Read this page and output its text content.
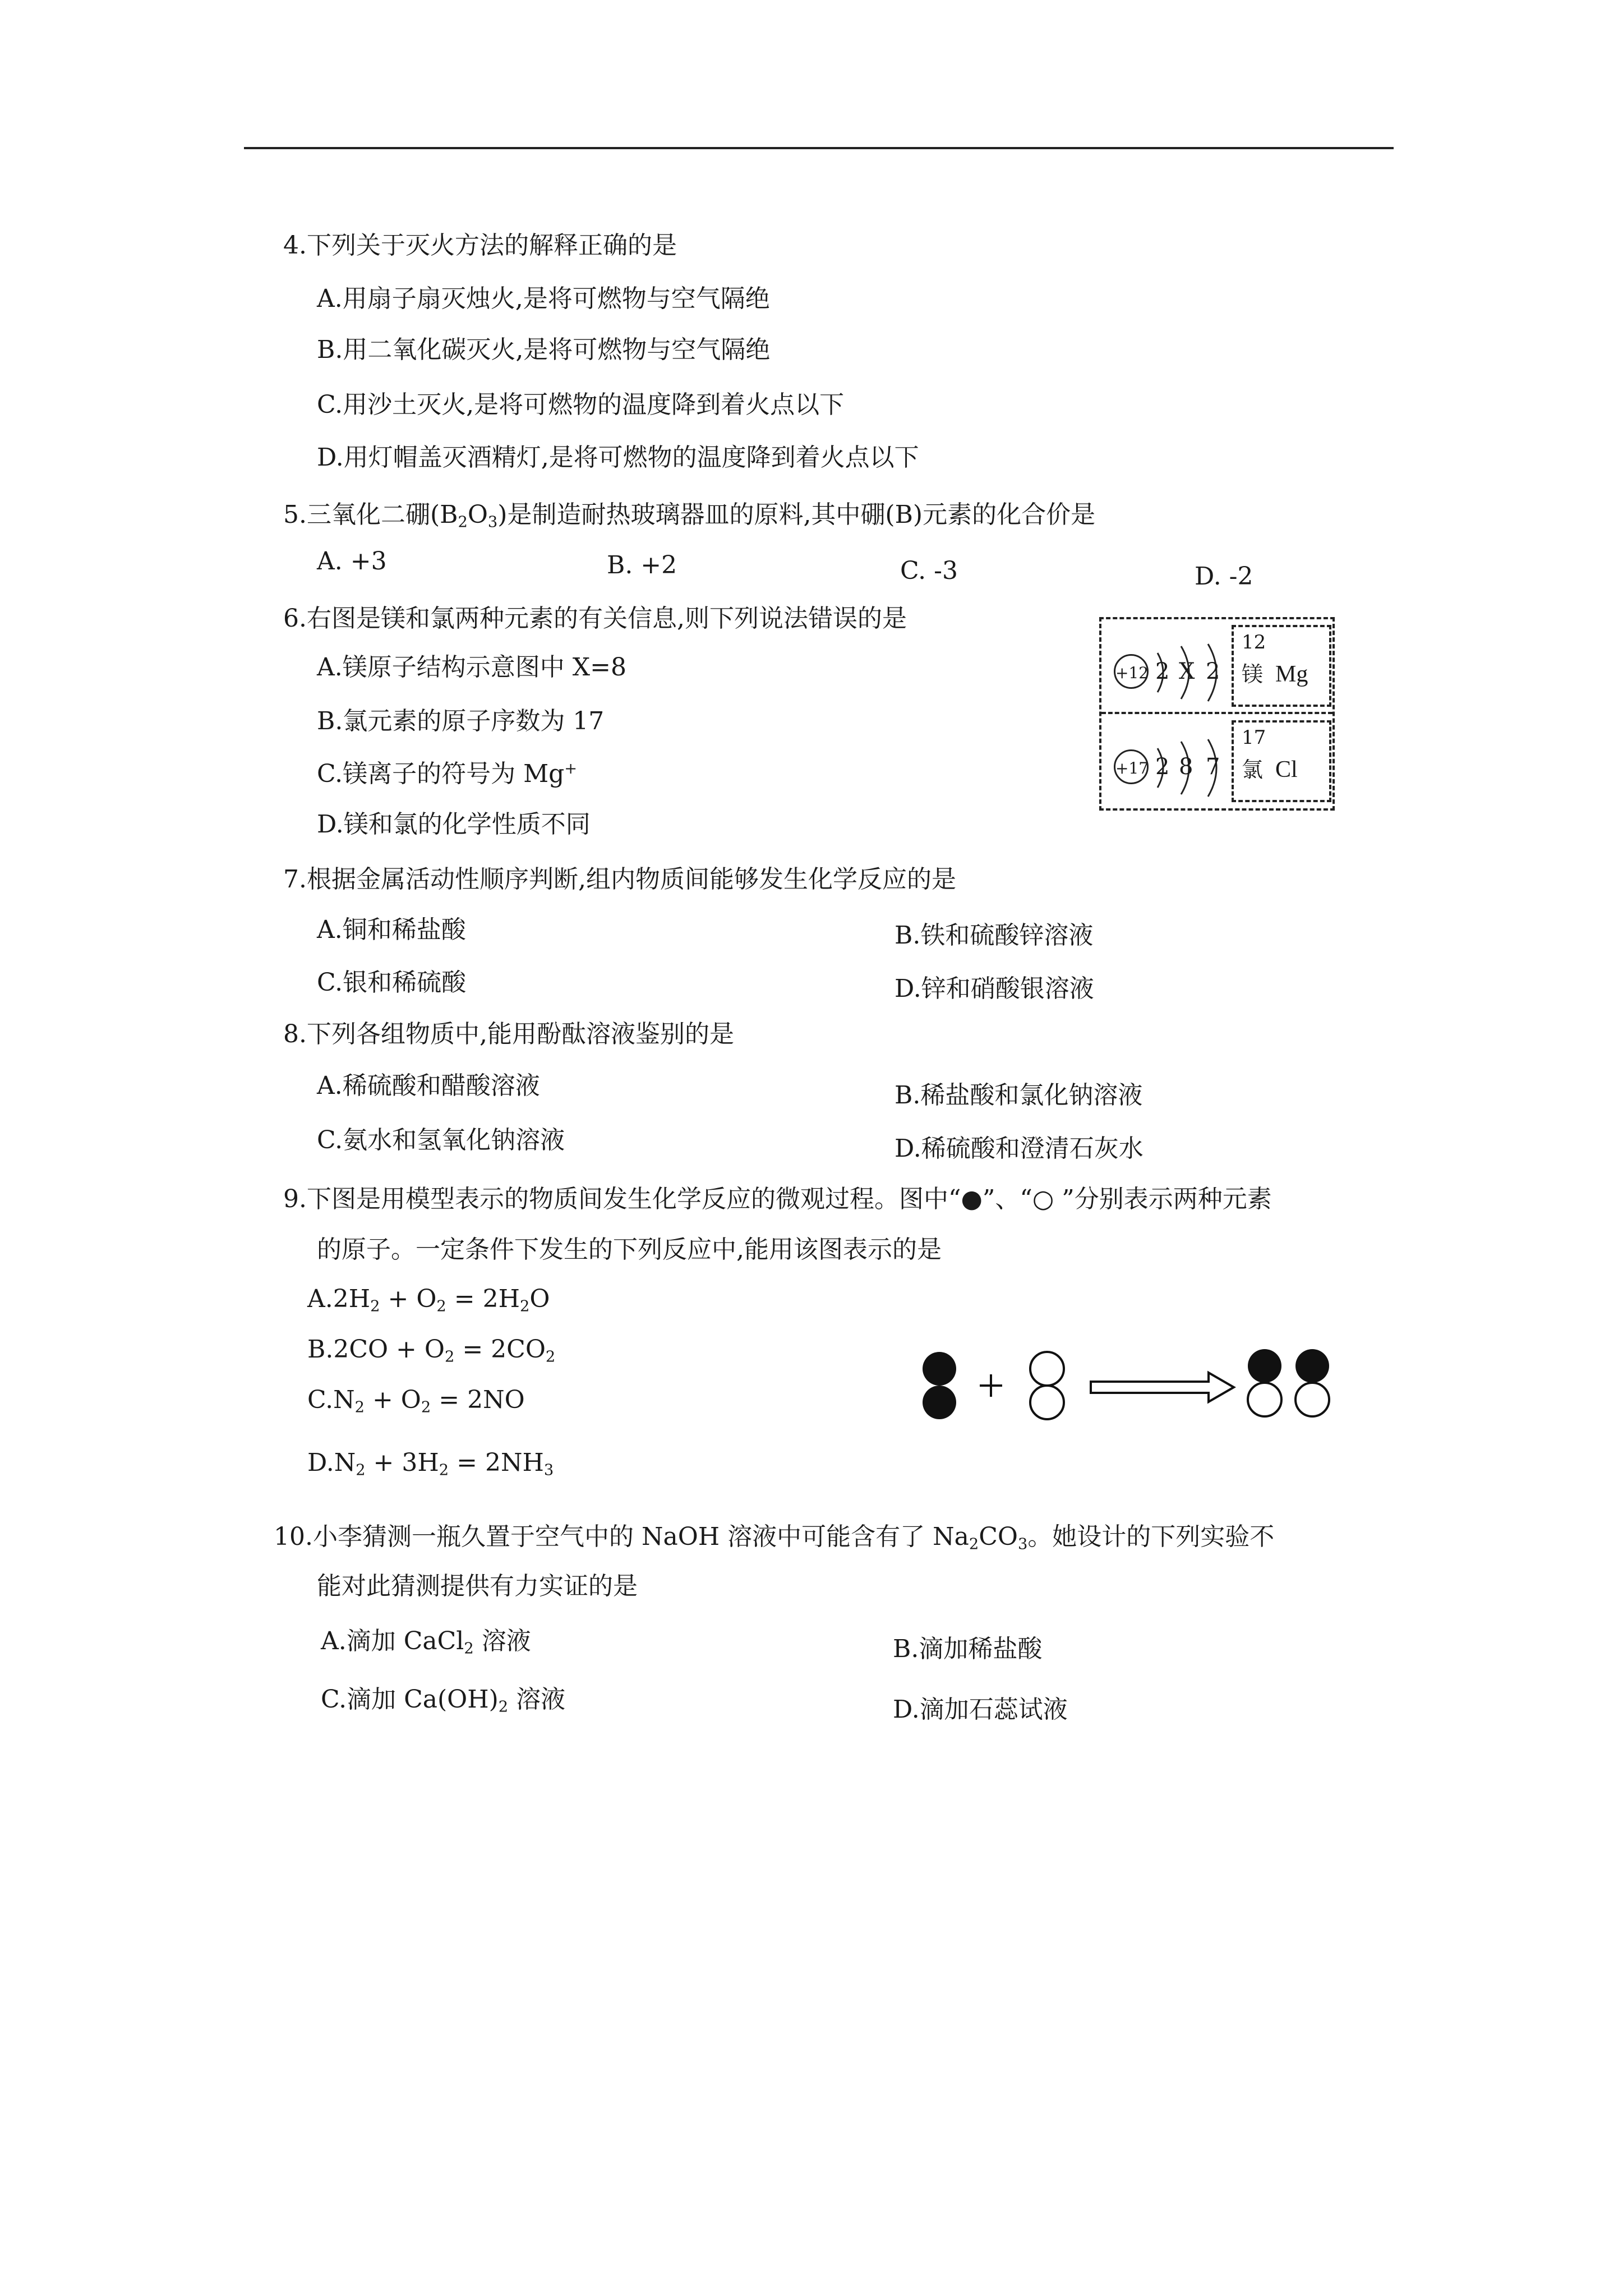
4.下列关于灭火方法的解释正确的是
A.用扇子扇灭烛火,是将可燃物与空气隔绝
B.用二氧化碳灭火,是将可燃物与空气隔绝
C.用沙土灭火,是将可燃物的温度降到着火点以下
D.用灯帽盖灭酒精灯,是将可燃物的温度降到着火点以下
5.三氧化二硼$(B_2O_3)$是制造耐热玻璃器皿的原料,其中硼(B)元素的化合价是
A. +3	B. +2	C. -3	D. -2
6.右图是镁和氯两种元素的有关信息,则下列说法错误的是
A.镁原子结构示意图中 X=8
B.氯元素的原子序数为 17
C.镁离子的符号为 Mg+
D.镁和氯的化学性质不同
+12 2 X 2
12
镁 Mg
+17 2 8 7
17
氯 Cl
7.根据金属活动性顺序判断,组内物质间能够发生化学反应的是
A.铜和稀盐酸	B.铁和硫酸锌溶液
C.银和稀硫酸	D.锌和硝酸银溶液
8.下列各组物质中,能用酚酞溶液鉴别的是
A.稀硫酸和醋酸溶液	B.稀盐酸和氯化钠溶液
C.氨水和氢氧化钠溶液	D.稀硫酸和澄清石灰水
9.下图是用模型表示的物质间发生化学反应的微观过程。图中“●”、“○ ”分别表示两种元素
的原子。一定条件下发生的下列反应中,能用该图表示的是
$A.2H_2 + O_2 = 2H_2O$
$B.2CO + O_2 = 2CO_2$
$C.N_2 + O_2 = 2NO$
$D.N_2 + 3H_2 = 2NH_3$
10.小李猜测一瓶久置于空气中的 NaOH 溶液中可能含有了 $Na_2CO_3$。她设计的下列实验不
能对此猜测提供有力实证的是
A.滴加 CaCl$_2$ 溶液	B.滴加稀盐酸
C.滴加 $Ca(OH)_2$ 溶液	D.滴加石蕊试液
